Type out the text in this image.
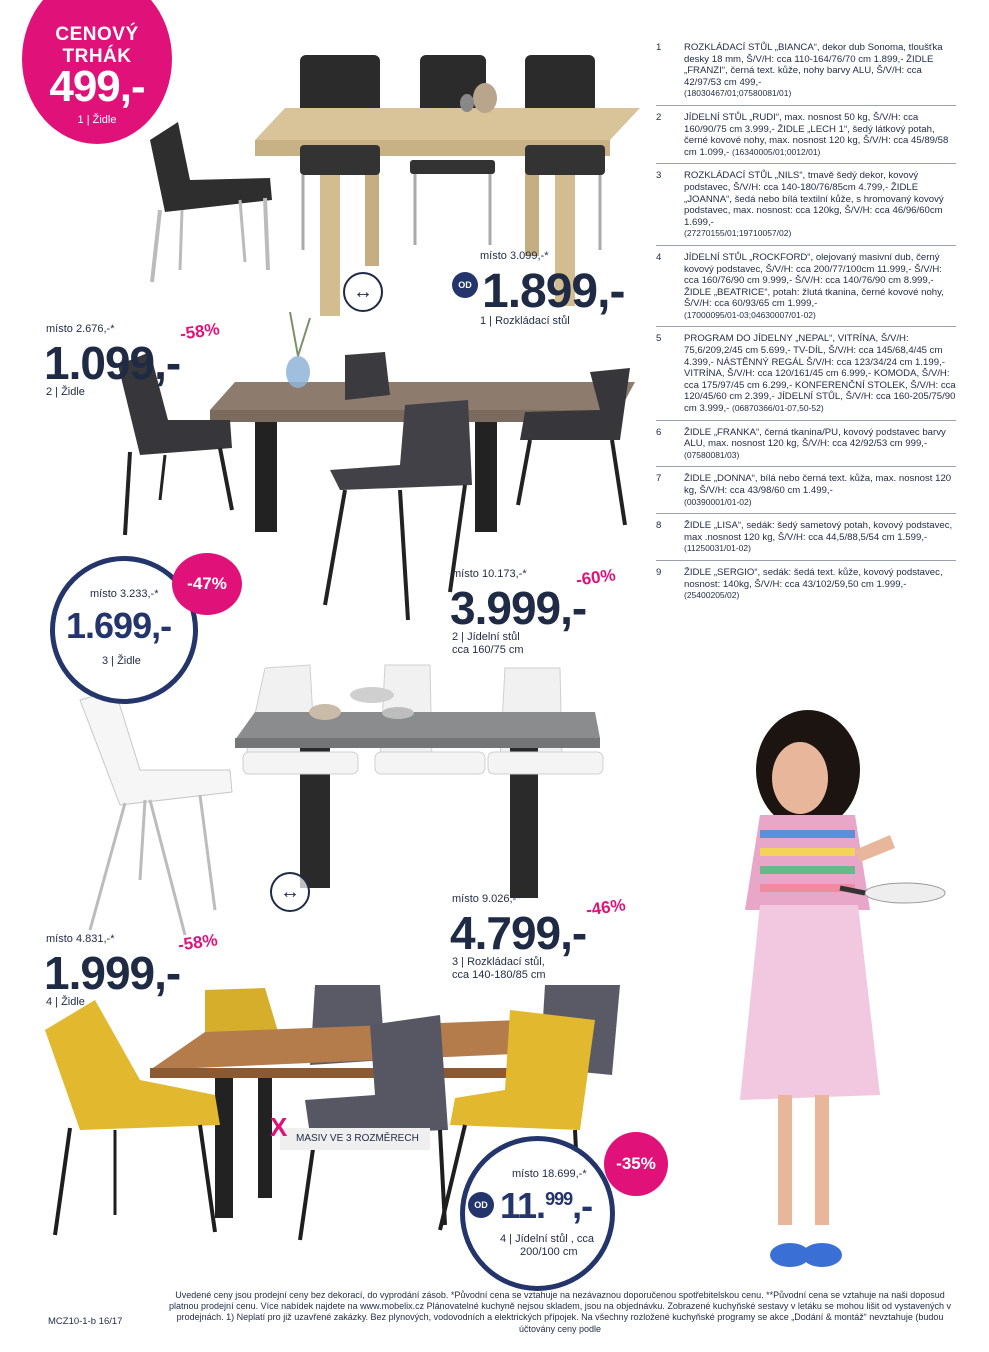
CENOVÝ
TRHÁK
499,-
1 | Židle
místo 3.099,-*
OD 1.899,-
1 | Rozkládací stůl
↔
místo 2.676,-*
1.099,-
-58%
2 | Židle
místo 3.233,-*
1.699,-
3 | Židle
-47%	místo 10.173,-*
3.999,-
-60%
2 | Jídelní stůl
cca 160/75 cm
↔	místo 9.026,-*
4.799,-
-46%
3 | Rozkládací stůl,
cca 140-180/85 cm
místo 4.831,-*
1.999,-
-58%
4 | Židle
MASIV VE 3 ROZMĚRECH
X
místo 18.699,-*
OD 11.$^{999}$,-
4 | Jídelní stůl , cca
200/100 cm
-35%
1	ROZKLÁDACÍ STŮL „BIANCA“, dekor dub Sonoma, tloušťka desky 18 mm, Š/V/H: cca 110-164/76/70 cm 1.899,- ŽIDLE „FRANZI“, černá text. kůže, nohy barvy ALU, Š/V/H: cca 42/97/53 cm 499,-
(18030467/01;07580081/01)
2	JÍDELNÍ STŮL „RUDI“, max. nosnost 50 kg, Š/V/H: cca 160/90/75 cm 3.999,- ŽIDLE „LECH 1“, šedý látkový potah, černé kovové nohy, max. nosnost 120 kg, Š/V/H: cca 45/89/58 cm 1.099,- (16340005/01;0012/01)
3	ROZKLÁDACÍ STŮL „NILS“, tmavě šedý dekor, kovový podstavec, Š/V/H: cca 140-180/76/85cm 4.799,- ŽIDLE „JOANNA“, šedá nebo bílá textilní kůže, s hromovaný kovový podstavec, max. nosnost: cca 120kg, Š/V/H: cca 46/96/60cm 1.699,-
(27270155/01;19710057/02)
4	JÍDELNÍ STŮL „ROCKFORD“, olejovaný masivní dub, černý kovový podstavec, Š/V/H: cca 200/77/100cm 11.999,- Š/V/H: cca 160/76/90 cm 9.999,- Š/V/H: cca 140/76/90 cm 8.999,- ŽIDLE „BEATRICE“, potah: žlutá tkanina, černé kovové nohy, Š/V/H: cca 60/93/65 cm 1.999,-
(17000095/01-03;04630007/01-02)
5	PROGRAM DO JÍDELNY „NEPAL“, VITRÍNA, Š/V/H: 75,6/209,2/45 cm 5.699,- TV-DÍL, Š/V/H: cca 145/68,4/45 cm 4.399,- NÁSTĚNNÝ REGÁL Š/V/H: cca 123/34/24 cm 1.199,- VITRÍNA, Š/V/H: cca 120/161/45 cm 6.999,- KOMODA, Š/V/H: cca 175/97/45 cm 6.299,- KONFERENČNÍ STOLEK, Š/V/H: cca 120/45/60 cm 2.399,- JÍDELNÍ STŮL, Š/V/H: cca 160-205/75/90 cm 3.999,- (06870366/01-07,50-52)
6	ŽIDLE „FRANKA“, černá tkanina/PU, kovový podstavec barvy ALU, max. nosnost 120 kg, Š/V/H: cca 42/92/53 cm 999,- (07580081/03)
7	ŽIDLE „DONNA“, bílá nebo černá text. kůža, max. nosnost 120 kg, Š/V/H: cca 43/98/60 cm 1.499,-
(00390001/01-02)
8	ŽIDLE „LISA“, sedák: šedý sametový potah, kovový podstavec, max .nosnost 120 kg, Š/V/H: cca 44,5/88,5/54 cm 1.599,- (11250031/01-02)
9	ŽIDLE „SERGIO“, sedák: šedá text. kůže, kovový podstavec, nosnost: 140kg, Š/V/H: cca 43/102/59,50 cm 1.999,- (25400205/02)
Uvedené ceny jsou prodejní ceny bez dekorací, do vyprodání zásob. *Původní cena se vztahuje na nezávaznou doporučenou spotřebitelskou cenu. **Původní cena se vztahuje na naši doposud platnou prodejní cenu. Více nabídek najdete na www.mobelix.cz Plánovatelné kuchyně nejsou skladem, jsou na objednávku. Zobrazené kuchyňské sestavy v letáku se mohou lišit od vystavených v prodejnách. 1) Neplatí pro již uzavřené zakázky. Bez plynových, vodovodních a elektrických přípojek. Na všechny rozložené kuchyňské programy se akce „Dodání & montáž“ nevztahuje (budou účtovány ceny podle
MCZ10-1-b 16/17
